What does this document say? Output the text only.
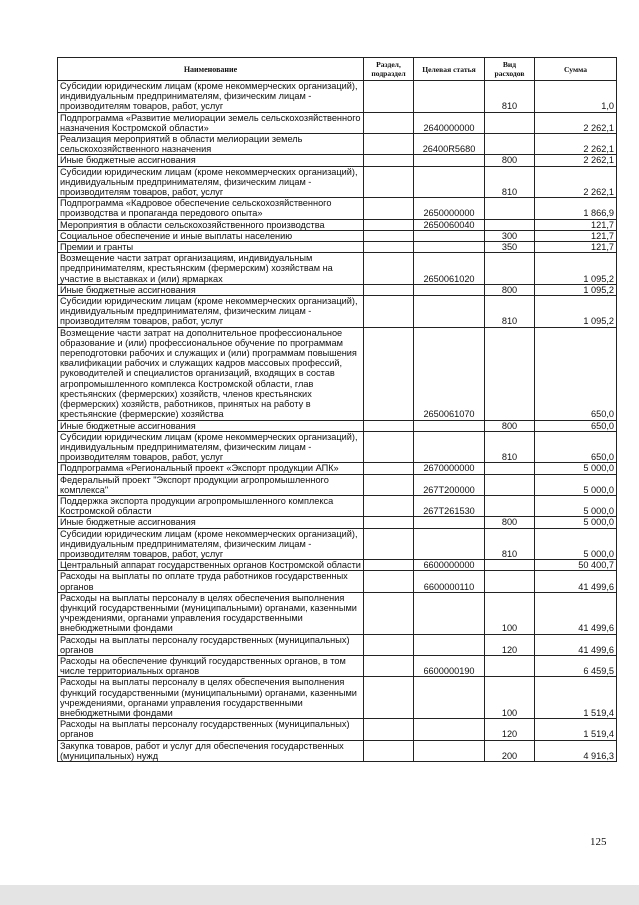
Наименование	Раздел, подраздел	Целевая статья	Вид расходов	Сумма
Субсидии юридическим лицам (кроме некоммерческих организаций), индивидуальным предпринимателям, физическим лицам - производителям товаров, работ, услуг			810	1,0
Подпрограмма «Развитие мелиорации земель сельскохозяйственного назначения Костромской области»		2640000000		2 262,1
Реализация мероприятий в области мелиорации земель сельскохозяйственного назначения		26400R5680		2 262,1
Иные бюджетные ассигнования			800	2 262,1
Субсидии юридическим лицам (кроме некоммерческих организаций), индивидуальным предпринимателям, физическим лицам - производителям товаров, работ, услуг			810	2 262,1
Подпрограмма «Кадровое обеспечение сельскохозяйственного производства и пропаганда передового опыта»		2650000000		1 866,9
Мероприятия в области сельскохозяйственного производства		2650060040		121,7
Социальное обеспечение и иные выплаты населению			300	121,7
Премии и гранты			350	121,7
Возмещение части затрат организациям, индивидуальным предпринимателям, крестьянским (фермерским) хозяйствам на участие в выставках и (или) ярмарках		2650061020		1 095,2
Иные бюджетные ассигнования			800	1 095,2
Субсидии юридическим лицам (кроме некоммерческих организаций), индивидуальным предпринимателям, физическим лицам - производителям товаров, работ, услуг			810	1 095,2
Возмещение части затрат на дополнительное профессиональное образование и (или) профессиональное обучение по программам переподготовки рабочих и служащих и (или) программам повышения квалификации рабочих и служащих кадров массовых профессий, руководителей и специалистов организаций, входящих в состав агропромышленного комплекса Костромской области, глав крестьянских (фермерских) хозяйств, членов крестьянских (фермерских) хозяйств, работников, принятых на работу в крестьянские (фермерские) хозяйства		2650061070		650,0
Иные бюджетные ассигнования			800	650,0
Субсидии юридическим лицам (кроме некоммерческих организаций), индивидуальным предпринимателям, физическим лицам - производителям товаров, работ, услуг			810	650,0
Подпрограмма «Региональный проект «Экспорт продукции АПК»		2670000000		5 000,0
Федеральный проект "Экспорт продукции агропромышленного комплекса"		267T200000		5 000,0
Поддержка экспорта продукции агропромышленного комплекса Костромской области		267T261530		5 000,0
Иные бюджетные ассигнования			800	5 000,0
Субсидии юридическим лицам (кроме некоммерческих организаций), индивидуальным предпринимателям, физическим лицам - производителям товаров, работ, услуг			810	5 000,0
Центральный аппарат государственных органов Костромской области		6600000000		50 400,7
Расходы на выплаты по оплате труда работников государственных органов		6600000110		41 499,6
Расходы на выплаты персоналу в целях обеспечения выполнения функций государственными (муниципальными) органами, казенными учреждениями, органами управления государственными внебюджетными фондами			100	41 499,6
Расходы на выплаты персоналу государственных (муниципальных) органов			120	41 499,6
Расходы на обеспечение функций государственных органов, в том числе территориальных органов		6600000190		6 459,5
Расходы на выплаты персоналу в целях обеспечения выполнения функций государственными (муниципальными) органами, казенными учреждениями, органами управления государственными внебюджетными фондами			100	1 519,4
Расходы на выплаты персоналу государственных (муниципальных) органов			120	1 519,4
Закупка товаров, работ и услуг для обеспечения государственных (муниципальных) нужд			200	4 916,3
125
